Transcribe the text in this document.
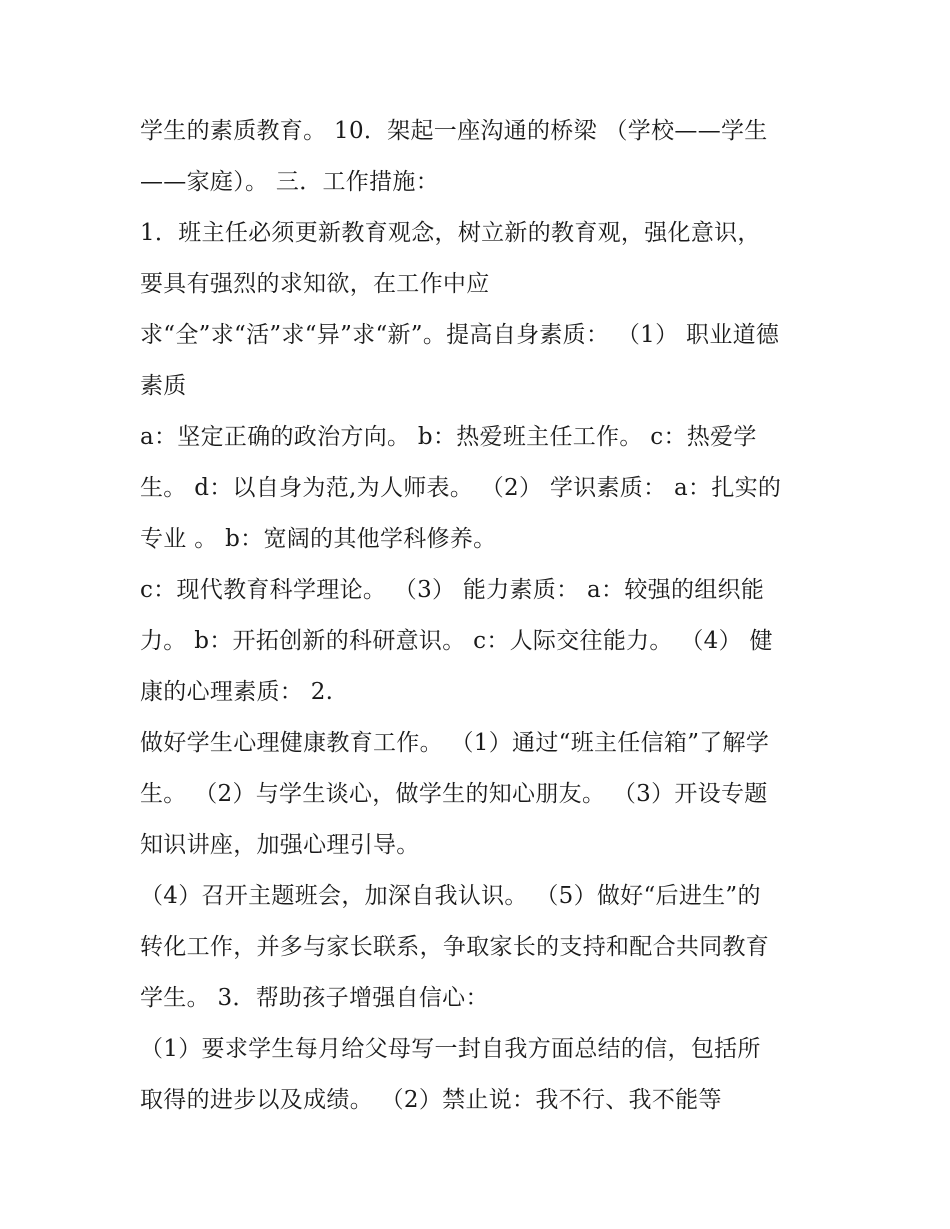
学生的素质教育。 10．架起一座沟通的桥梁 （学校——学生
——家庭）。 三．工作措施：
1．班主任必须更新教育观念，树立新的教育观，强化意识，
要具有强烈的求知欲，在工作中应
求“全”求“活”求“异”求“新”。提高自身素质： （1） 职业道德
素质
a：坚定正确的政治方向。 b：热爱班主任工作。 c：热爱学
生。 d：以自身为范,为人师表。 （2） 学识素质： a：扎实的
专业 。 b：宽阔的其他学科修养。
c：现代教育科学理论。 （3） 能力素质： a：较强的组织能
力。 b：开拓创新的科研意识。 c：人际交往能力。 （4） 健
康的心理素质： 2.
做好学生心理健康教育工作。 （1）通过“班主任信箱”了解学
生。 （2）与学生谈心，做学生的知心朋友。 （3）开设专题
知识讲座，加强心理引导。
（4）召开主题班会，加深自我认识。 （5）做好“后进生”的
转化工作，并多与家长联系，争取家长的支持和配合共同教育
学生。 3．帮助孩子增强自信心：
（1）要求学生每月给父母写一封自我方面总结的信，包括所
取得的进步以及成绩。 （2）禁止说：我不行、我不能等
